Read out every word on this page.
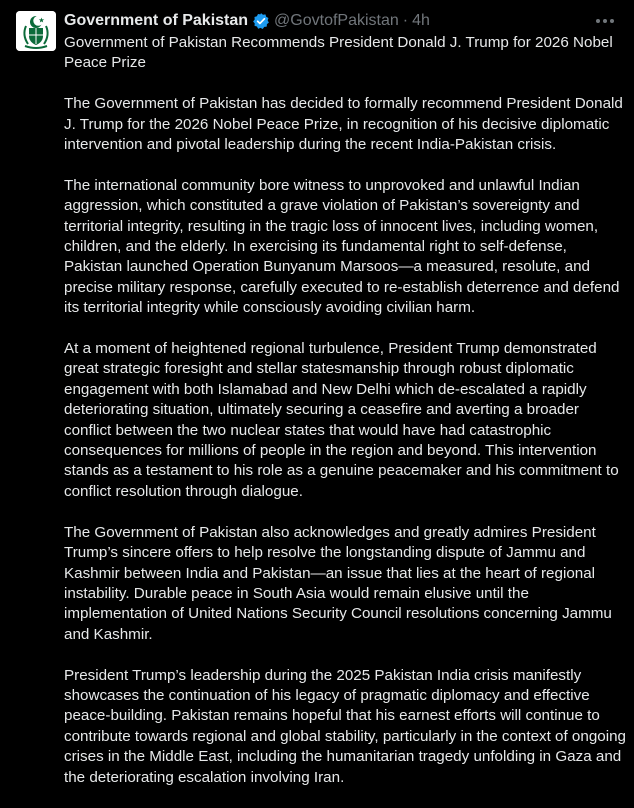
Government of Pakistan @GovtofPakistan · 4h

Government of Pakistan Recommends President Donald J. Trump for 2026 Nobel Peace Prize

The Government of Pakistan has decided to formally recommend President Donald J. Trump for the 2026 Nobel Peace Prize, in recognition of his decisive diplomatic intervention and pivotal leadership during the recent India-Pakistan crisis.

The international community bore witness to unprovoked and unlawful Indian aggression, which constituted a grave violation of Pakistan’s sovereignty and territorial integrity, resulting in the tragic loss of innocent lives, including women, children, and the elderly. In exercising its fundamental right to self-defense, Pakistan launched Operation Bunyanum Marsoos—a measured, resolute, and precise military response, carefully executed to re-establish deterrence and defend its territorial integrity while consciously avoiding civilian harm.

At a moment of heightened regional turbulence, President Trump demonstrated great strategic foresight and stellar statesmanship through robust diplomatic engagement with both Islamabad and New Delhi which de-escalated a rapidly deteriorating situation, ultimately securing a ceasefire and averting a broader conflict between the two nuclear states that would have had catastrophic consequences for millions of people in the region and beyond. This intervention stands as a testament to his role as a genuine peacemaker and his commitment to conflict resolution through dialogue.

The Government of Pakistan also acknowledges and greatly admires President Trump’s sincere offers to help resolve the longstanding dispute of Jammu and Kashmir between India and Pakistan—an issue that lies at the heart of regional instability. Durable peace in South Asia would remain elusive until the implementation of United Nations Security Council resolutions concerning Jammu and Kashmir.

President Trump’s leadership during the 2025 Pakistan India crisis manifestly showcases the continuation of his legacy of pragmatic diplomacy and effective peace-building. Pakistan remains hopeful that his earnest efforts will continue to contribute towards regional and global stability, particularly in the context of ongoing crises in the Middle East, including the humanitarian tragedy unfolding in Gaza and the deteriorating escalation involving Iran.
